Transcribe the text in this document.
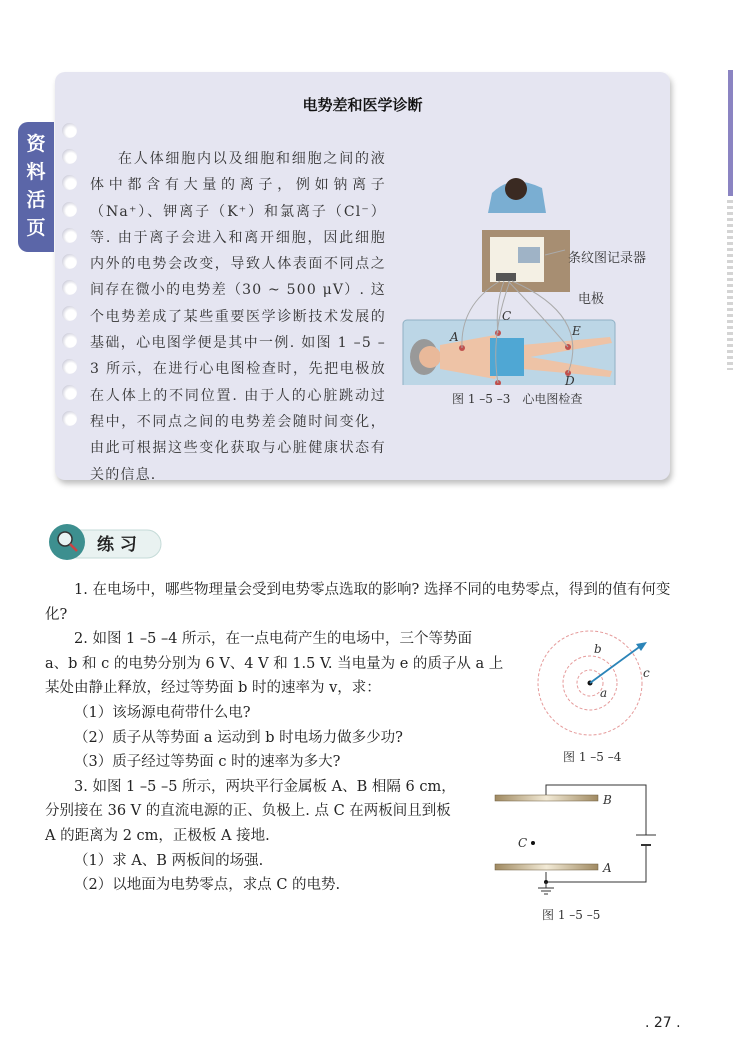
电势差和医学诊断
资
料
活
页

在人体细胞内以及细胞和细胞之间的液体中都含有大量的离子，例如钠离子（Na⁺）、钾离子（K⁺）和氯离子（Cl⁻）等. 由于离子会进入和离开细胞，因此细胞内外的电势会改变，导致人体表面不同点之间存在微小的电势差（30 ~ 500 μV）. 这个电势差成了某些重要医学诊断技术发展的基础，心电图学便是其中一例. 如图 1 –5 –3 所示，在进行心电图检查时，先把电极放在人体上的不同位置. 由于人的心脏跳动过程中，不同点之间的电势差会随时间变化，由此可根据这些变化获取与心脏健康状态有关的信息.

A
C
D
E
条纹图记录器
电极
图 1 –5 –3　心电图检查
练 习

1. 在电场中，哪些物理量会受到电势零点选取的影响? 选择不同的电势零点，得到的值有何变化?

2. 如图 1 –5 –4 所示，在一点电荷产生的电场中，三个等势面

a、b 和 c 的电势分别为 6 V、4 V 和 1.5 V. 当电量为 e 的质子从 a 上

某处由静止释放，经过等势面 b 时的速率为 v，求：

（1）该场源电荷带什么电?

（2）质子从等势面 a 运动到 b 时电场力做多少功?

（3）质子经过等势面 c 时的速率为多大?

3. 如图 1 –5 –5 所示，两块平行金属板 A、B 相隔 6 cm，

分别接在 36 V 的直流电源的正、负极上. 点 C 在两板间且到板

A 的距离为 2 cm，正极板 A 接地.

（1）求 A、B 两板间的场强.

（2）以地面为电势零点，求点 C 的电势.

a
b
c
图 1 –5 –4
B
C
A
图 1 –5 –5
. 27 .
